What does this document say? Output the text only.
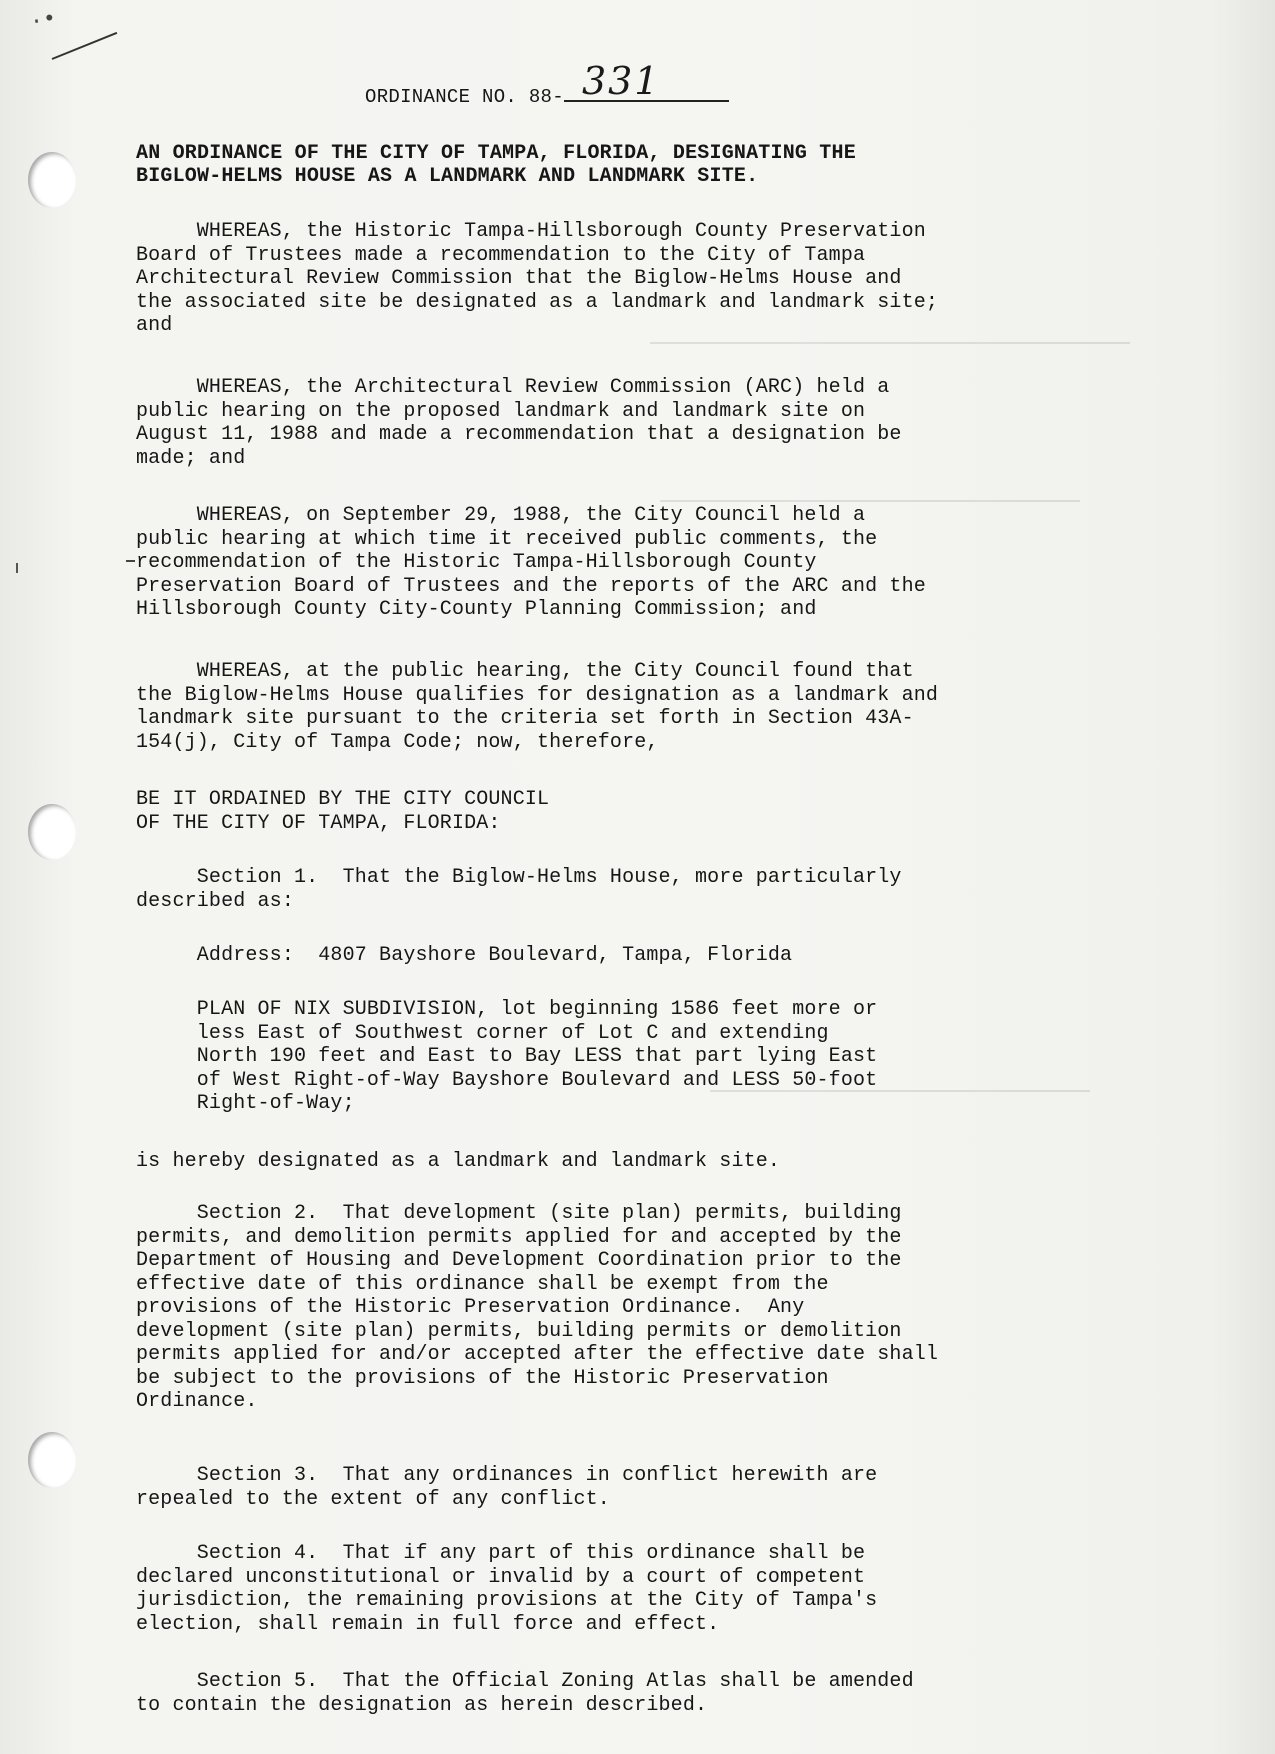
·•
ORDINANCE NO. 88- 331
AN ORDINANCE OF THE CITY OF TAMPA, FLORIDA, DESIGNATING THE
BIGLOW-HELMS HOUSE AS A LANDMARK AND LANDMARK SITE.
WHEREAS, the Historic Tampa-Hillsborough County Preservation
Board of Trustees made a recommendation to the City of Tampa
Architectural Review Commission that the Biglow-Helms House and
the associated site be designated as a landmark and landmark site;
and
WHEREAS, the Architectural Review Commission (ARC) held a
public hearing on the proposed landmark and landmark site on
August 11, 1988 and made a recommendation that a designation be
made; and
WHEREAS, on September 29, 1988, the City Council held a
public hearing at which time it received public comments, the
recommendation of the Historic Tampa-Hillsborough County
Preservation Board of Trustees and the reports of the ARC and the
Hillsborough County City-County Planning Commission; and
WHEREAS, at the public hearing, the City Council found that
the Biglow-Helms House qualifies for designation as a landmark and
landmark site pursuant to the criteria set forth in Section 43A-
154(j), City of Tampa Code; now, therefore,
BE IT ORDAINED BY THE CITY COUNCIL
OF THE CITY OF TAMPA, FLORIDA:
Section 1.  That the Biglow-Helms House, more particularly
described as:
Address:  4807 Bayshore Boulevard, Tampa, Florida
PLAN OF NIX SUBDIVISION, lot beginning 1586 feet more or
less East of Southwest corner of Lot C and extending
North 190 feet and East to Bay LESS that part lying East
of West Right-of-Way Bayshore Boulevard and LESS 50-foot
Right-of-Way;
is hereby designated as a landmark and landmark site.
Section 2.  That development (site plan) permits, building
permits, and demolition permits applied for and accepted by the
Department of Housing and Development Coordination prior to the
effective date of this ordinance shall be exempt from the
provisions of the Historic Preservation Ordinance.  Any
development (site plan) permits, building permits or demolition
permits applied for and/or accepted after the effective date shall
be subject to the provisions of the Historic Preservation
Ordinance.
Section 3.  That any ordinances in conflict herewith are
repealed to the extent of any conflict.
Section 4.  That if any part of this ordinance shall be
declared unconstitutional or invalid by a court of competent
jurisdiction, the remaining provisions at the City of Tampa's
election, shall remain in full force and effect.
Section 5.  That the Official Zoning Atlas shall be amended
to contain the designation as herein described.
